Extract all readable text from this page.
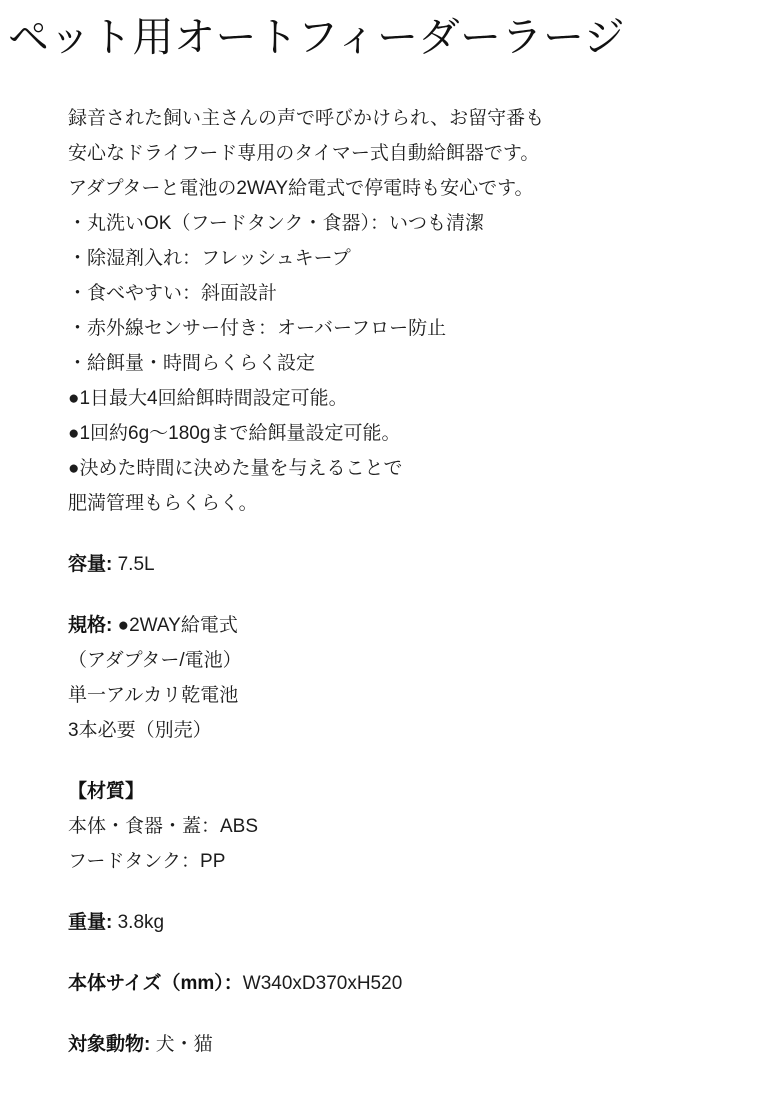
ペット用オートフィーダーラージ
録音された飼い主さんの声で呼びかけられ、お留守番も
安心なドライフード専用のタイマー式自動給餌器です。
アダプターと電池の2WAY給電式で停電時も安心です。
・丸洗いOK（フードタンク・食器）：いつも清潔
・除湿剤入れ：フレッシュキープ
・食べやすい：斜面設計
・赤外線センサー付き：オーバーフロー防止
・給餌量・時間らくらく設定
●1日最大4回給餌時間設定可能。
●1回約6g〜180gまで給餌量設定可能。
●決めた時間に決めた量を与えることで
肥満管理もらくらく。
容量: 7.5L
規格: ●2WAY給電式
（アダプター/電池）
単一アルカリ乾電池
3本必要（別売）
【材質】
本体・食器・蓋：ABS
フードタンク：PP
重量: 3.8kg
本体サイズ（mm）：W340xD370xH520
対象動物: 犬・猫
